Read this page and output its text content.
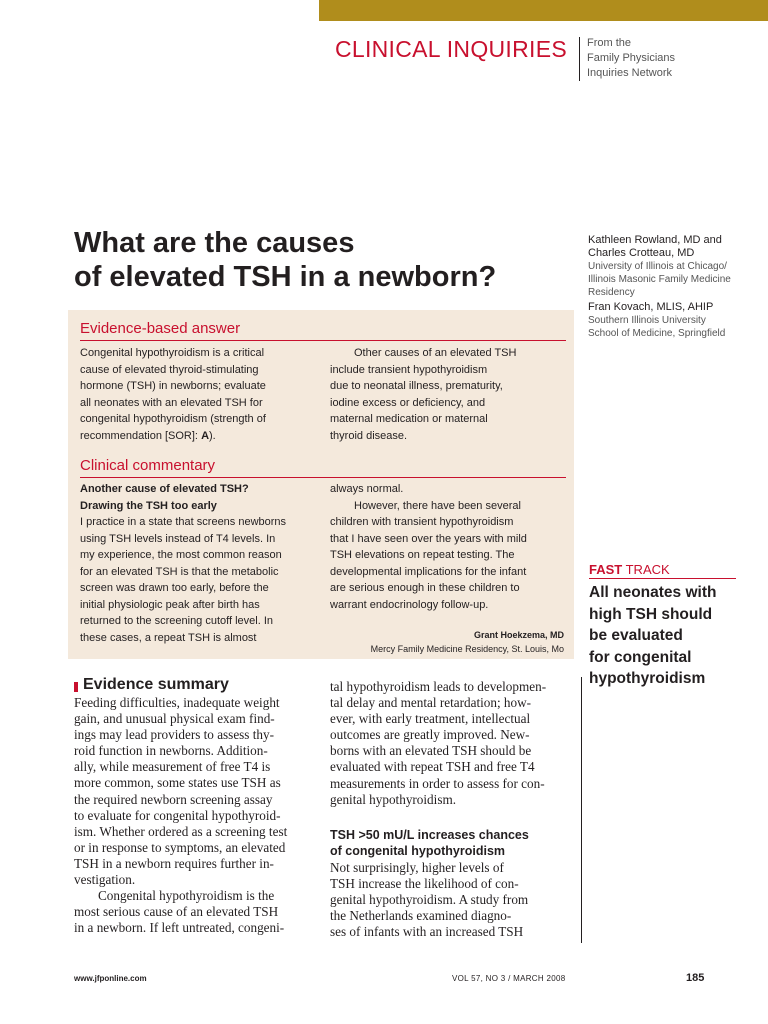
CLINICAL INQUIRIES From the
Family Physicians
Inquiries Network
What are the causes
of elevated TSH in a newborn?
Kathleen Rowland, MD and
Charles Crotteau, MD
University of Illinois at Chicago/
Illinois Masonic Family Medicine
Residency
Fran Kovach, MLIS, AHIP
Southern Illinois University
School of Medicine, Springfield
Evidence-based answer
Congenital hypothyroidism is a critical
cause of elevated thyroid-stimulating
hormone (TSH) in newborns; evaluate
all neonates with an elevated TSH for
congenital hypothyroidism (strength of
recommendation [SOR]: A).
Other causes of an elevated TSH
include transient hypothyroidism
due to neonatal illness, prematurity,
iodine excess or deficiency, and
maternal medication or maternal
thyroid disease.
Clinical commentary
Another cause of elevated TSH?
Drawing the TSH too early
I practice in a state that screens newborns
using TSH levels instead of T4 levels. In
my experience, the most common reason
for an elevated TSH is that the metabolic
screen was drawn too early, before the
initial physiologic peak after birth has
returned to the screening cutoff level. In
these cases, a repeat TSH is almost
always normal.
However, there have been several
children with transient hypothyroidism
that I have seen over the years with mild
TSH elevations on repeat testing. The
developmental implications for the infant
are serious enough in these children to
warrant endocrinology follow-up.
Grant Hoekzema, MD
Mercy Family Medicine Residency, St. Louis, Mo
Evidence summary
Feeding difficulties, inadequate weight
gain, and unusual physical exam find-
ings may lead providers to assess thy-
roid function in newborns. Addition-
ally, while measurement of free T4 is
more common, some states use TSH as
the required newborn screening assay
to evaluate for congenital hypothyroid-
ism. Whether ordered as a screening test
or in response to symptoms, an elevated
TSH in a newborn requires further in-
vestigation.
Congenital hypothyroidism is the
most serious cause of an elevated TSH
in a newborn. If left untreated, congeni-
tal hypothyroidism leads to developmen-
tal delay and mental retardation; how-
ever, with early treatment, intellectual
outcomes are greatly improved. New-
borns with an elevated TSH should be
evaluated with repeat TSH and free T4
measurements in order to assess for con-
genital hypothyroidism.
TSH >50 mU/L increases chances
of congenital hypothyroidism
Not surprisingly, higher levels of
TSH increase the likelihood of con-
genital hypothyroidism. A study from
the Netherlands examined diagno-
ses of infants with an increased TSH
FAST TRACK
All neonates with
high TSH should
be evaluated
for congenital
hypothyroidism
www.jfponline.com	VOL 57, NO 3 / MARCH 2008	185
